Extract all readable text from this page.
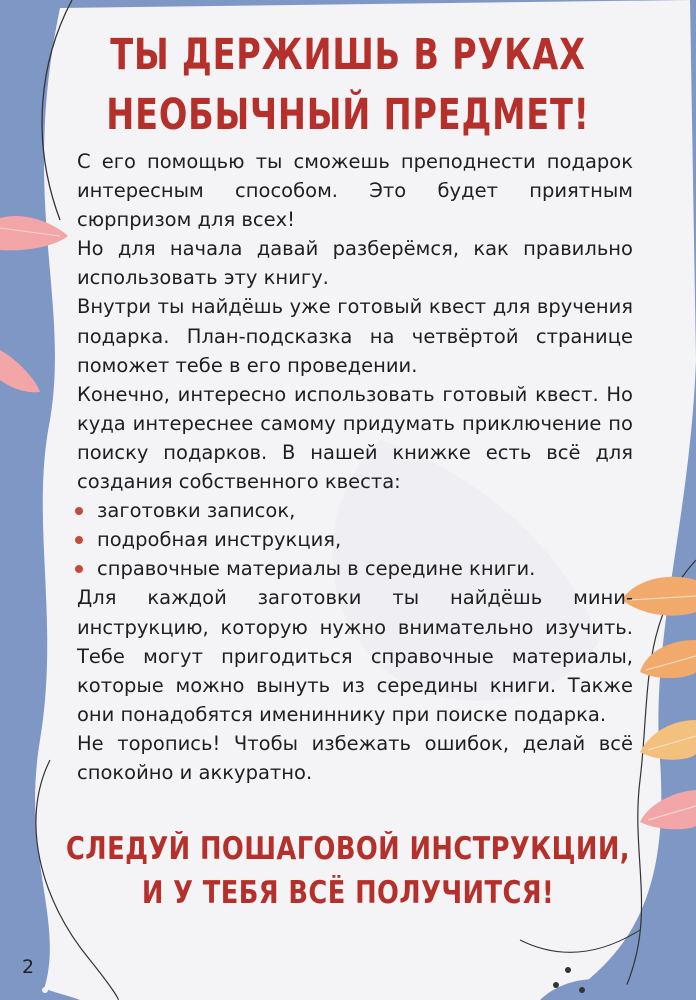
ТЫ ДЕРЖИШЬ В РУКАХ
НЕОБЫЧНЫЙ ПРЕДМЕТ!

С его помощью ты сможешь преподнести подарок интересным способом. Это будет приятным сюрпризом для всех!

Но для начала давай разберёмся, как правильно использовать эту книгу.

Внутри ты найдёшь уже готовый квест для вручения подарка. План-подсказка на четвёртой странице поможет тебе в его проведении.

Конечно, интересно использовать готовый квест. Но куда интереснее самому придумать приключение по поиску подарков. В нашей книжке есть всё для создания собственного квеста:

заготовки записок,
подробная инструкция,
справочные материалы в середине книги.

Для каждой заготовки ты найдёшь мини-инструкцию, которую нужно внимательно изучить. Тебе могут пригодиться справочные материалы, которые можно вынуть из середины книги. Также они понадобятся имениннику при поиске подарка.

Не торопись! Чтобы избежать ошибок, делай всё спокойно и аккуратно.

СЛЕДУЙ ПОШАГОВОЙ ИНСТРУКЦИИ,
И У ТЕБЯ ВСЁ ПОЛУЧИТСЯ!
2
